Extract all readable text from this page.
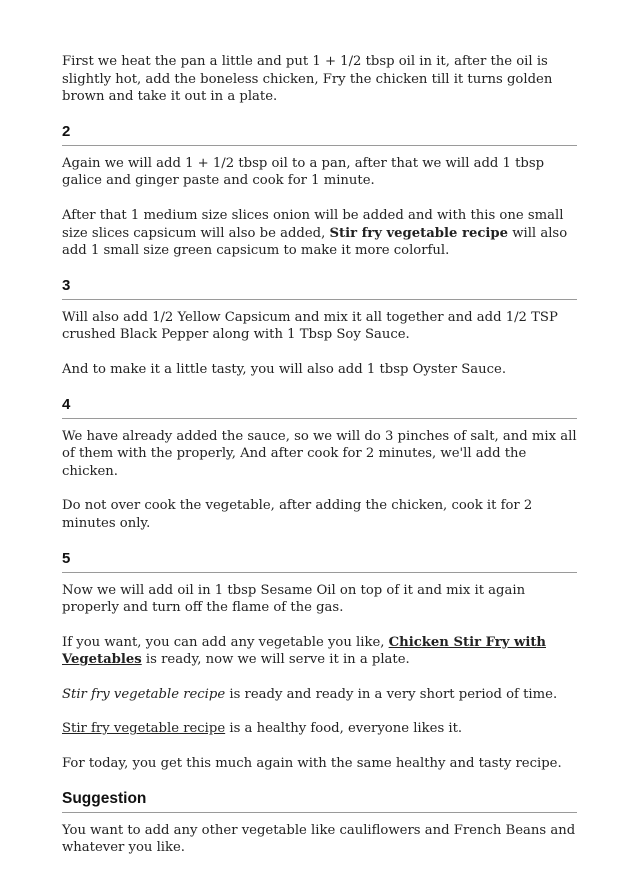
First we heat the pan a little and put 1 + 1/2 tbsp oil in it, after the oil is slightly hot, add the boneless chicken, Fry the chicken till it turns golden brown and take it out in a plate.

2

Again we will add 1 + 1/2 tbsp oil to a pan, after that we will add 1 tbsp galice and ginger paste and cook for 1 minute.

After that 1 medium size slices onion will be added and with this one small size slices capsicum will also be added, Stir fry vegetable recipe will also add 1 small size green capsicum to make it more colorful.

3

Will also add 1/2 Yellow Capsicum and mix it all together and add 1/2 TSP crushed Black Pepper along with 1 Tbsp Soy Sauce.

And to make it a little tasty, you will also add 1 tbsp Oyster Sauce.

4

We have already added the sauce, so we will do 3 pinches of salt, and mix all of them with the properly, And after cook for 2 minutes, we'll add the chicken.

Do not over cook the vegetable, after adding the chicken, cook it for 2 minutes only.

5

Now we will add oil in 1 tbsp Sesame Oil on top of it and mix it again properly and turn off the flame of the gas.

If you want, you can add any vegetable you like, Chicken Stir Fry with Vegetables is ready, now we will serve it in a plate.

Stir fry vegetable recipe is ready and ready in a very short period of time.

Stir fry vegetable recipe is a healthy food, everyone likes it.

For today, you get this much again with the same healthy and tasty recipe.

Suggestion

You want to add any other vegetable like cauliflowers and French Beans and whatever you like.
